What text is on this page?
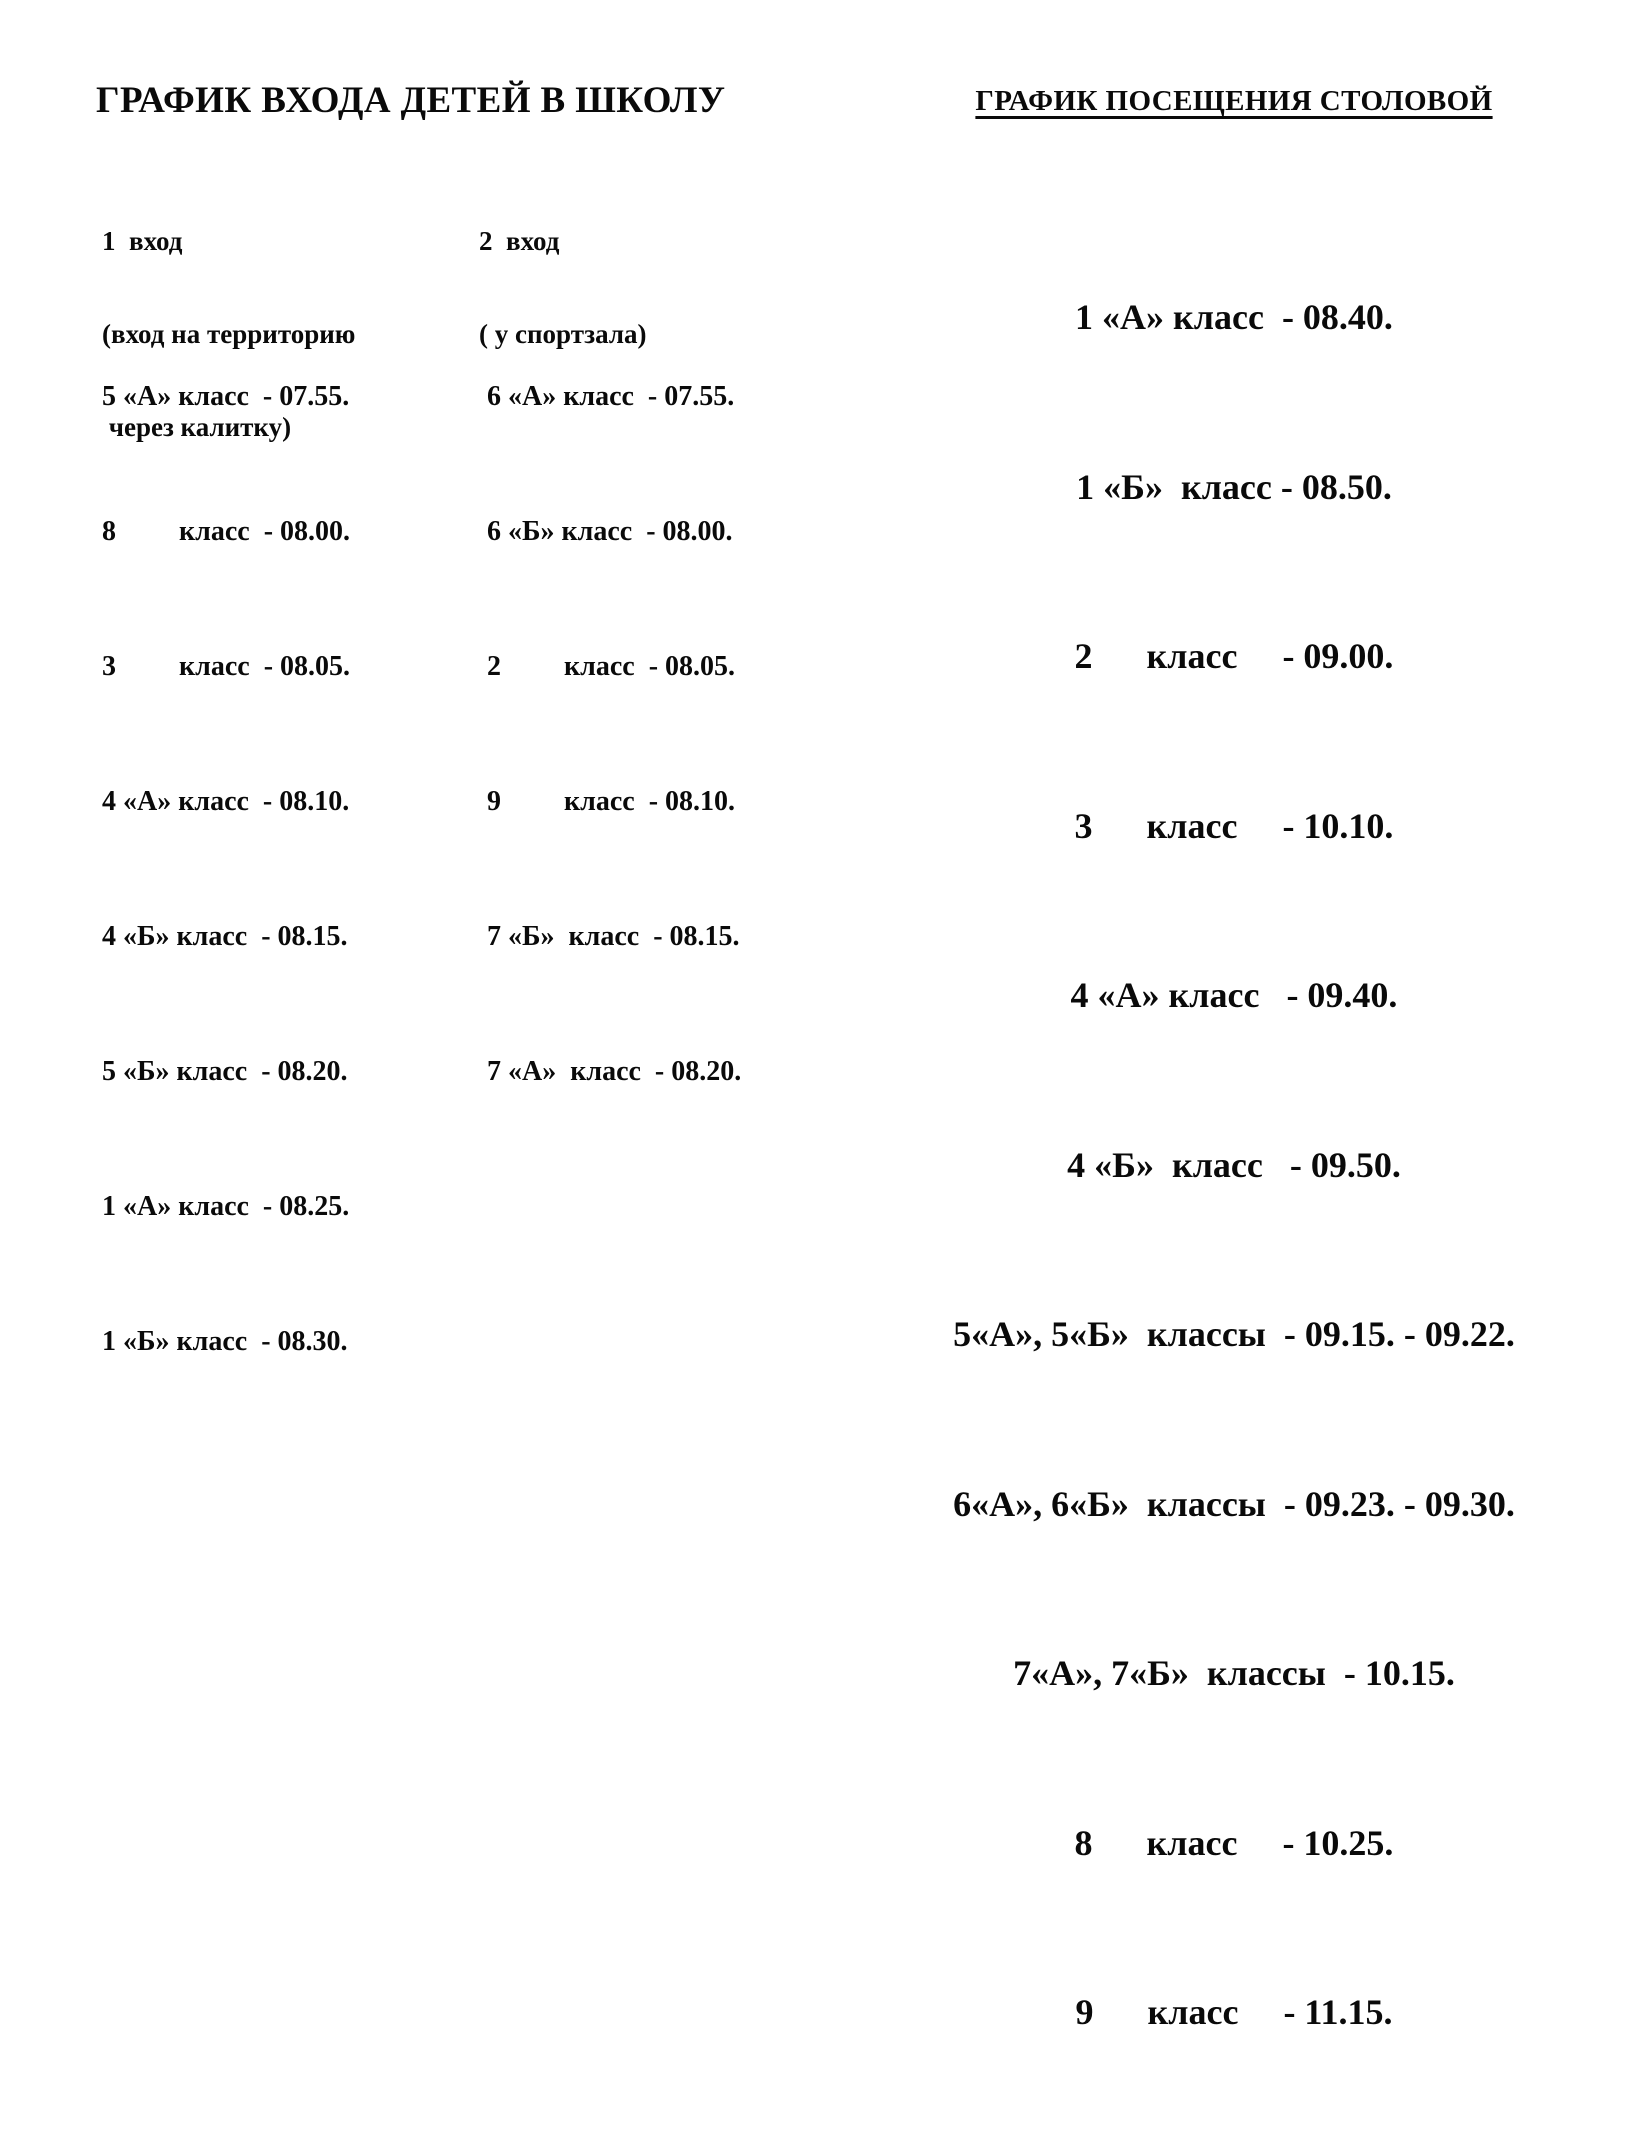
ГРАФИК ВХОДА ДЕТЕЙ В ШКОЛУ

1  вход

(вход на территорию

через калитку)

2  вход

( у спортзала)

5 «А» класс  - 07.55.

8         класс  - 08.00.

3         класс  - 08.05.

4 «А» класс  - 08.10.

4 «Б» класс  - 08.15.

5 «Б» класс  - 08.20.

1 «А» класс  - 08.25.

1 «Б» класс  - 08.30.

6 «А» класс  - 07.55.

6 «Б» класс  - 08.00.

2         класс  - 08.05.

9         класс  - 08.10.

7 «Б»  класс  - 08.15.

7 «А»  класс  - 08.20.

ГРАФИК ПОСЕЩЕНИЯ СТОЛОВОЙ

1 «А» класс  - 08.40.

1 «Б»  класс - 08.50.

2      класс     - 09.00.

3      класс     - 10.10.

4 «А» класс   - 09.40.

4 «Б»  класс   - 09.50.

5«А», 5«Б»  классы  - 09.15. - 09.22.

6«А», 6«Б»  классы  - 09.23. - 09.30.

7«А», 7«Б»  классы  - 10.15.

8      класс     - 10.25.

9      класс     - 11.15.
